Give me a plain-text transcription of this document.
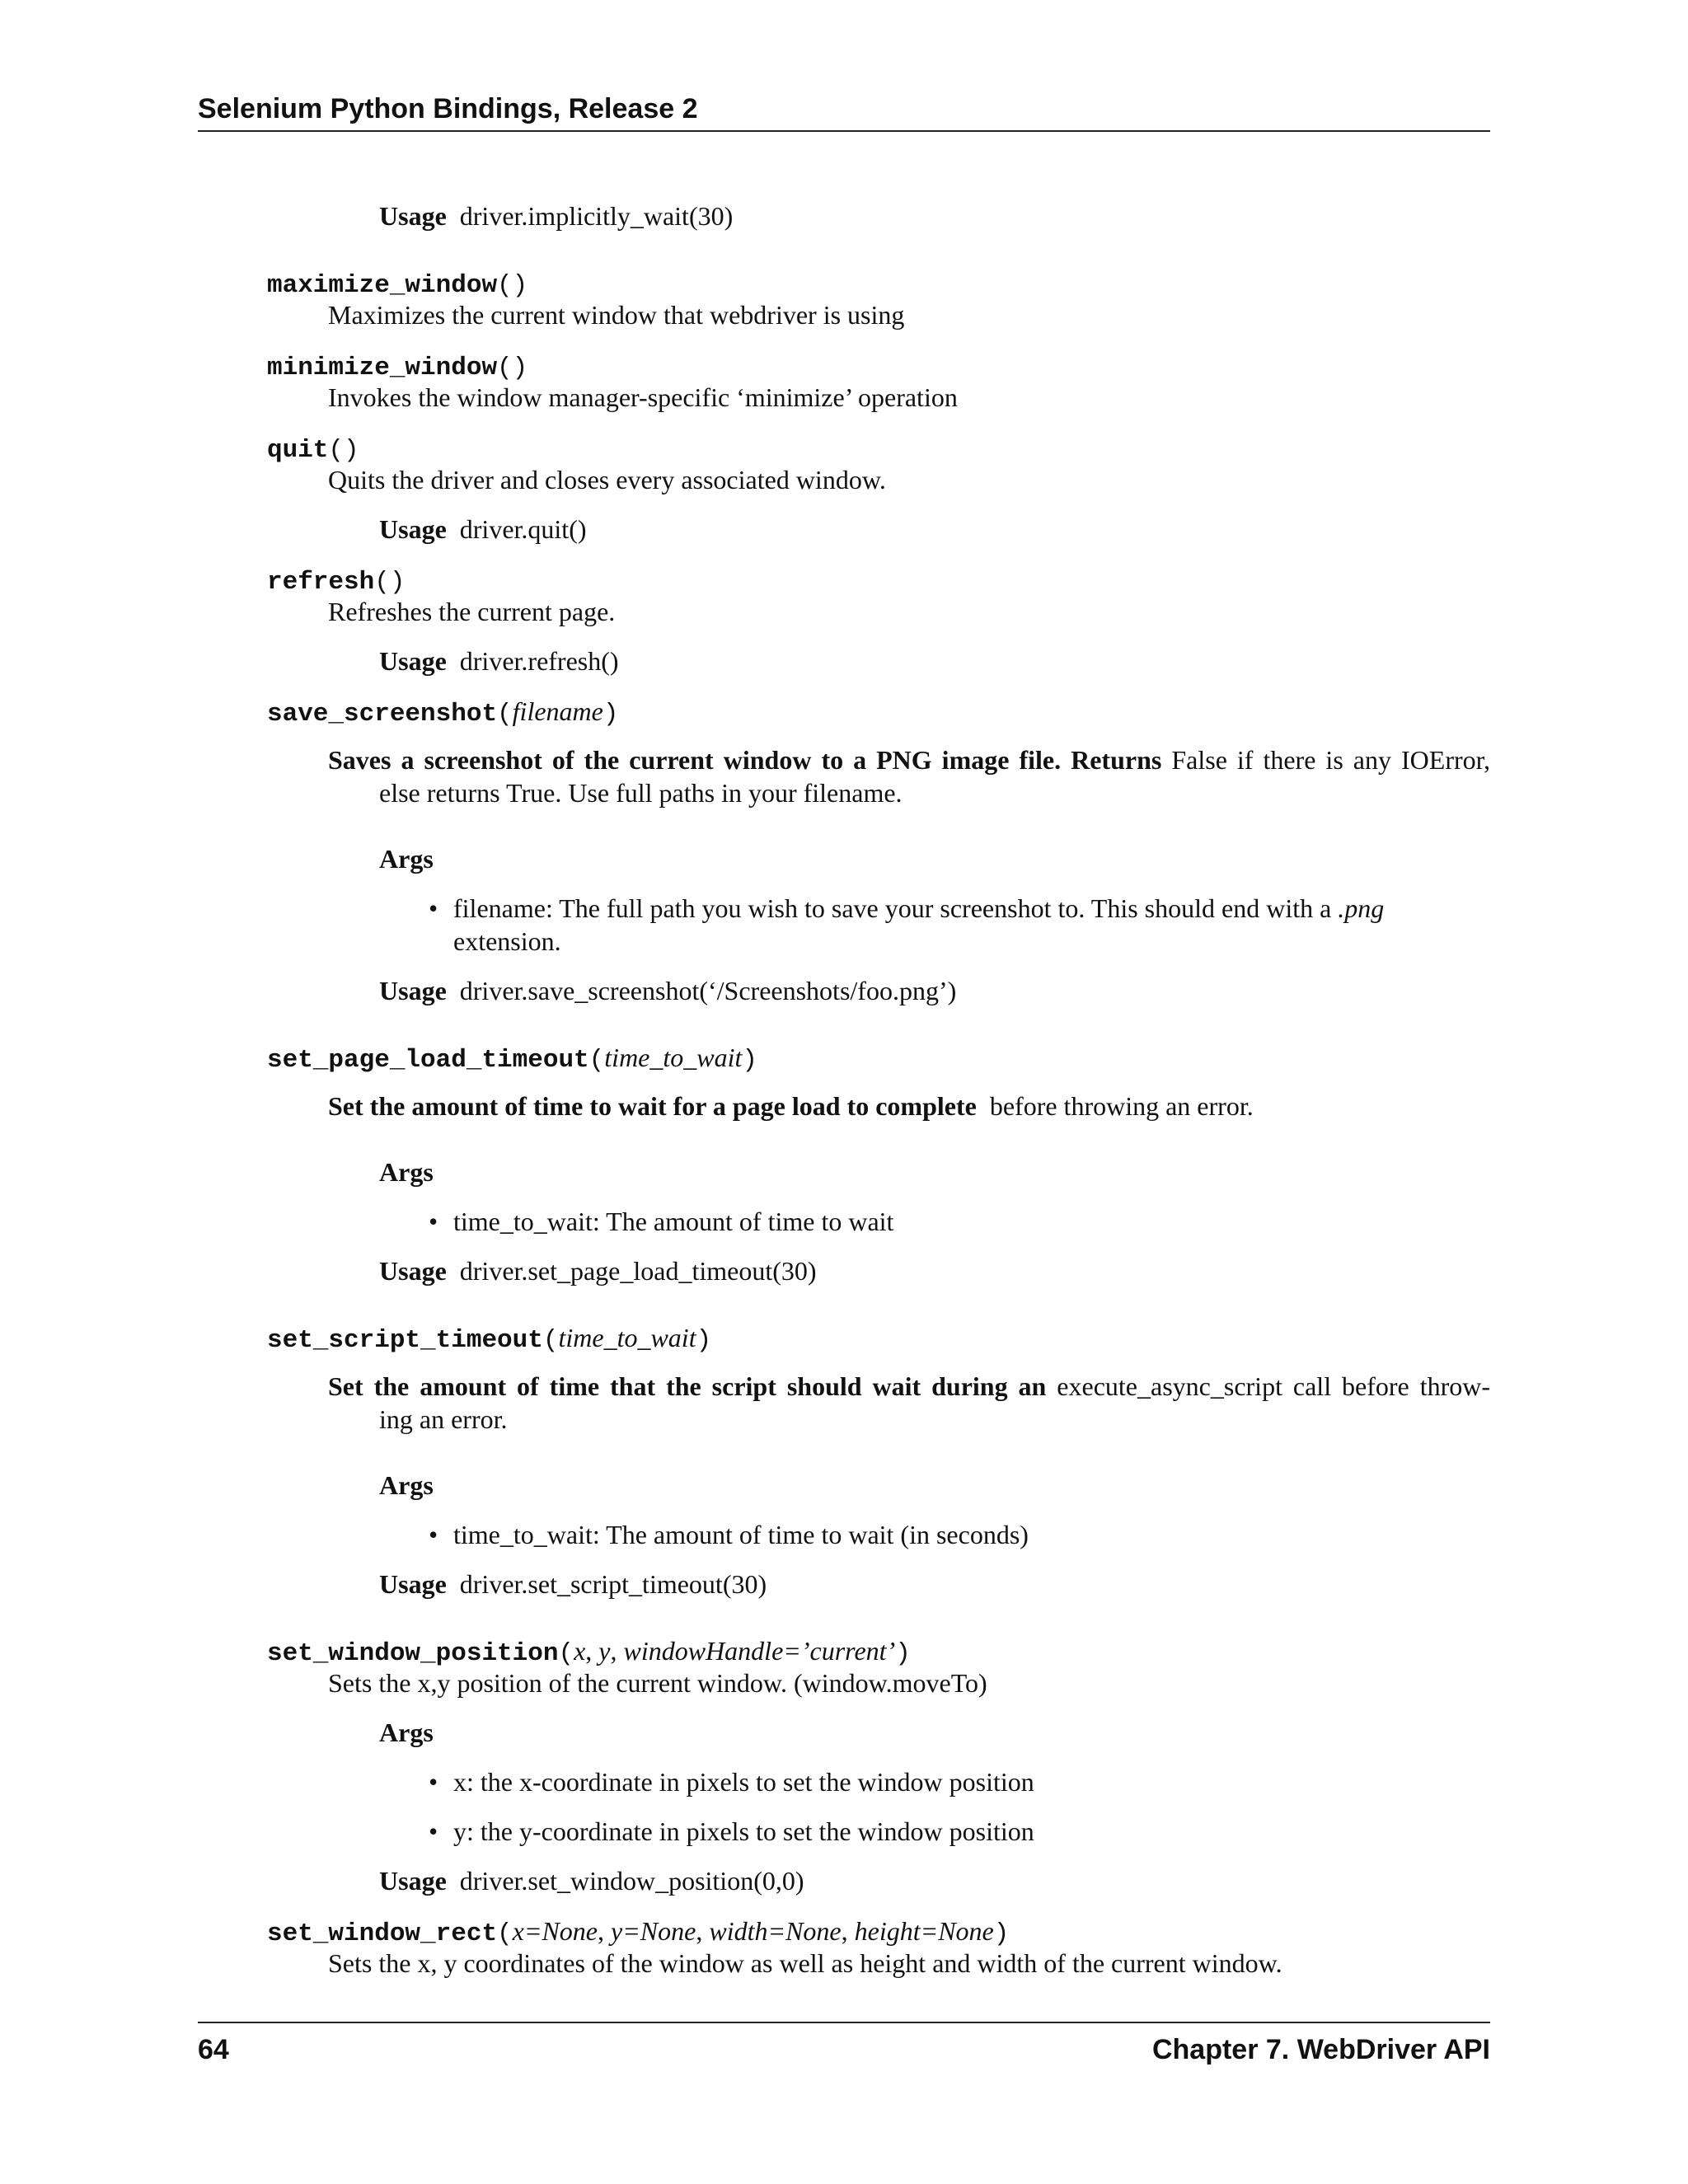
Selenium Python Bindings, Release 2
Usage driver.implicitly_wait(30)
maximize_window()
Maximizes the current window that webdriver is using
minimize_window()
Invokes the window manager-specific ‘minimize’ operation
quit()
Quits the driver and closes every associated window.
Usage driver.quit()
refresh()
Refreshes the current page.
Usage driver.refresh()
save_screenshot(filename)
Saves a screenshot of the current window to a PNG image file. Returns False if there is any IOError,
else returns True. Use full paths in your filename.
Args
• filename: The full path you wish to save your screenshot to. This should end with a .png
extension.
Usage driver.save_screenshot(‘/Screenshots/foo.png’)
set_page_load_timeout(time_to_wait)
Set the amount of time to wait for a page load to complete before throwing an error.
Args
• time_to_wait: The amount of time to wait
Usage driver.set_page_load_timeout(30)
set_script_timeout(time_to_wait)
Set the amount of time that the script should wait during an execute_async_script call before throw-
ing an error.
Args
• time_to_wait: The amount of time to wait (in seconds)
Usage driver.set_script_timeout(30)
set_window_position(x, y, windowHandle=’current’)
Sets the x,y position of the current window. (window.moveTo)
Args
• x: the x-coordinate in pixels to set the window position
• y: the y-coordinate in pixels to set the window position
Usage driver.set_window_position(0,0)
set_window_rect(x=None, y=None, width=None, height=None)
Sets the x, y coordinates of the window as well as height and width of the current window.
64	Chapter 7. WebDriver API
